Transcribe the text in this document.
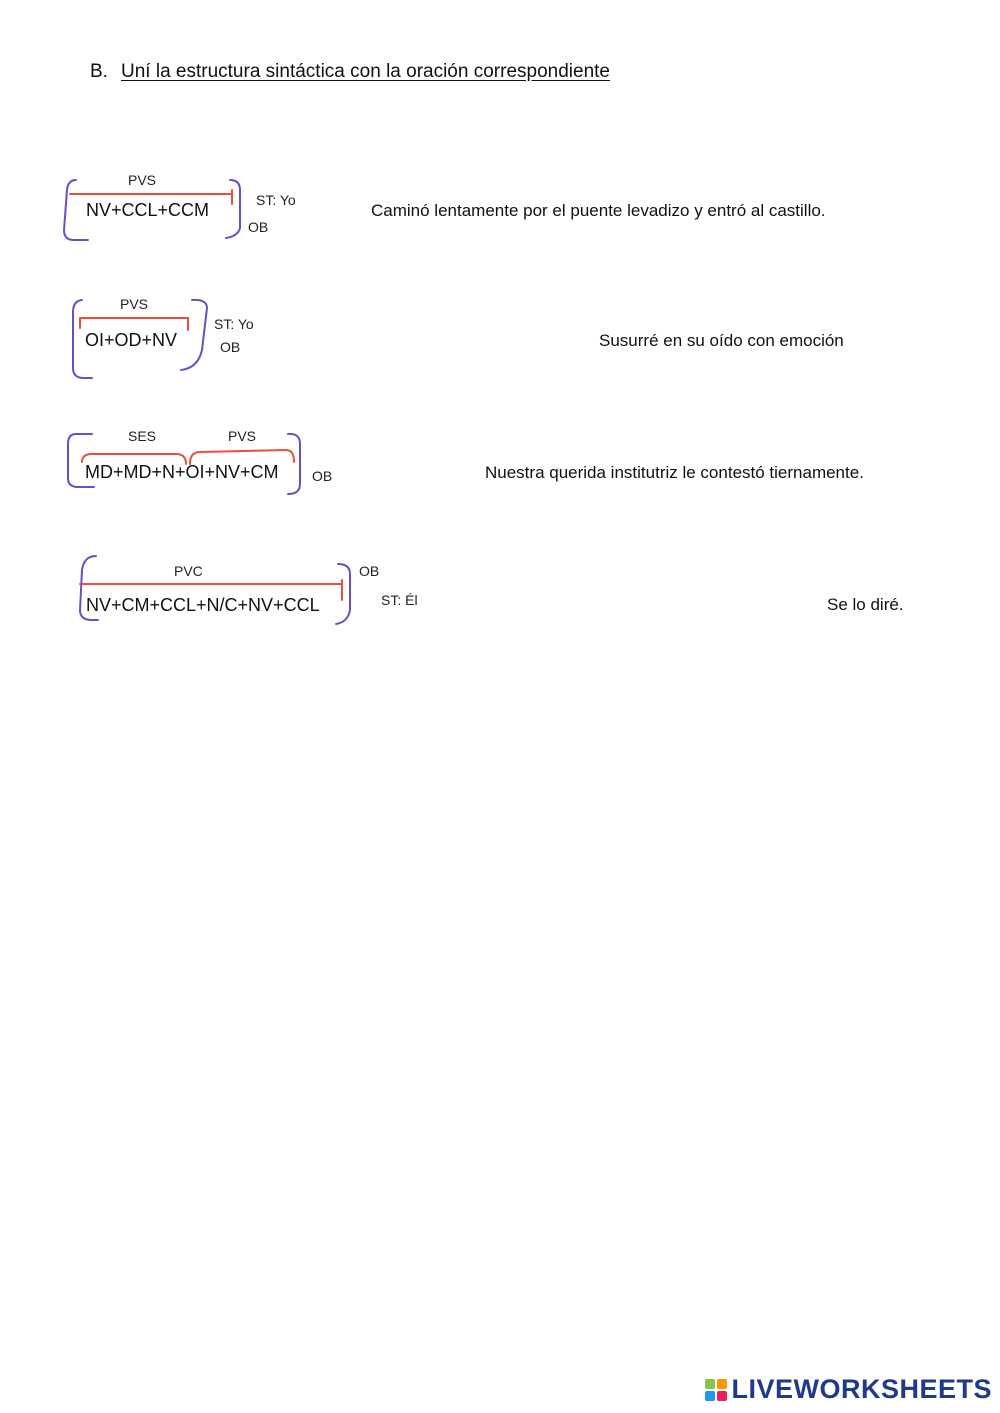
B. Uní la estructura sintáctica con la oración correspondiente
PVS
NV+CCL+CCM	ST: Yo
OB
PVS
OI+OD+NV
ST: Yo
OB
SES	PVS
MD+MD+N+OI+NV+CM OB
PVC
NV+CM+CCL+N/C+NV+CCL
OB
ST: Él
Caminó lentamente por el puente levadizo y entró al castillo.
Susurré en su oído con emoción
Nuestra querida institutriz le contestó tiernamente.
Se lo diré.
LIVEWORKSHEETS
